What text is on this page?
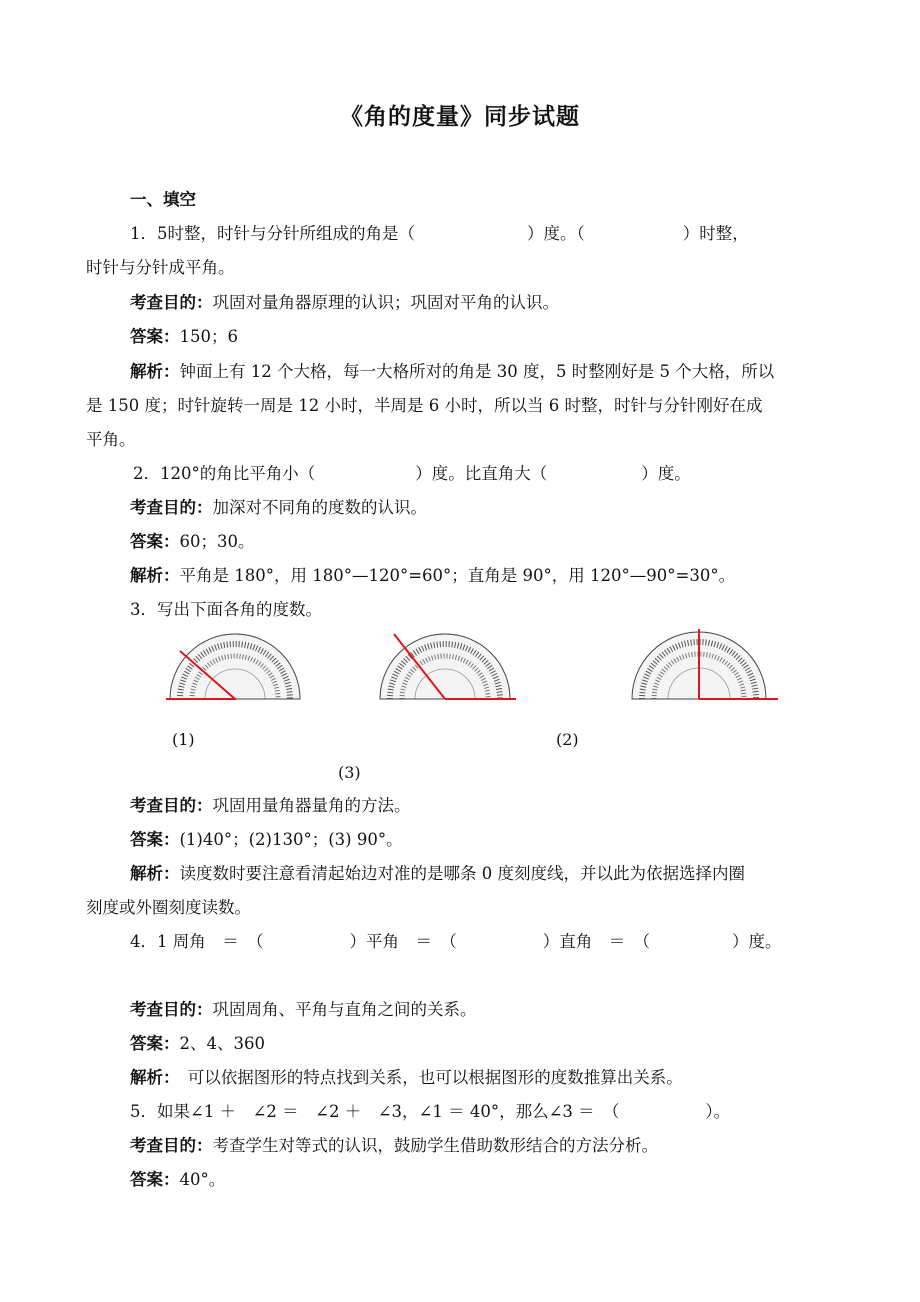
《角的度量》同步试题
一、填空
1．5时整，时针与分针所组成的角是（	）度。（	）时整，
时针与分针成平角。
考查目的：巩固对量角器原理的认识；巩固对平角的认识。
答案：150；6
解析：钟面上有 12 个大格，每一大格所对的角是 30 度，5 时整刚好是 5 个大格，所以
是 150 度；时针旋转一周是 12 小时，半周是 6 小时，所以当 6 时整，时针与分针刚好在成
平角。
2．120°的角比平角小（	）度。比直角大（	）度。
考查目的：加深对不同角的度数的认识。
答案：60；30。
解析：平角是 180°，用 180°—120°=60°；直角是 90°，用 120°—90°=30°。
3．写出下面各角的度数。
(1)	(2)
(3)
考查目的：巩固用量角器量角的方法。
答案：(1)40°；(2)130°；(3) 90°。
解析：读度数时要注意看清起始边对准的是哪条 0 度刻度线，并以此为依据选择内圈
刻度或外圈刻度读数。
4．1 周角　＝　（	）平角　＝　（	）直角　＝　（	）度。
考查目的：巩固周角、平角与直角之间的关系。
答案：2、4、360
解析：　可以依据图形的特点找到关系，也可以根据图形的度数推算出关系。
5．如果∠1 ＋　∠2 ＝　∠2 ＋　∠3，∠1 ＝ 40°，那么∠3 ＝　（	）。
考查目的：考查学生对等式的认识，鼓励学生借助数形结合的方法分析。
答案：40°。
